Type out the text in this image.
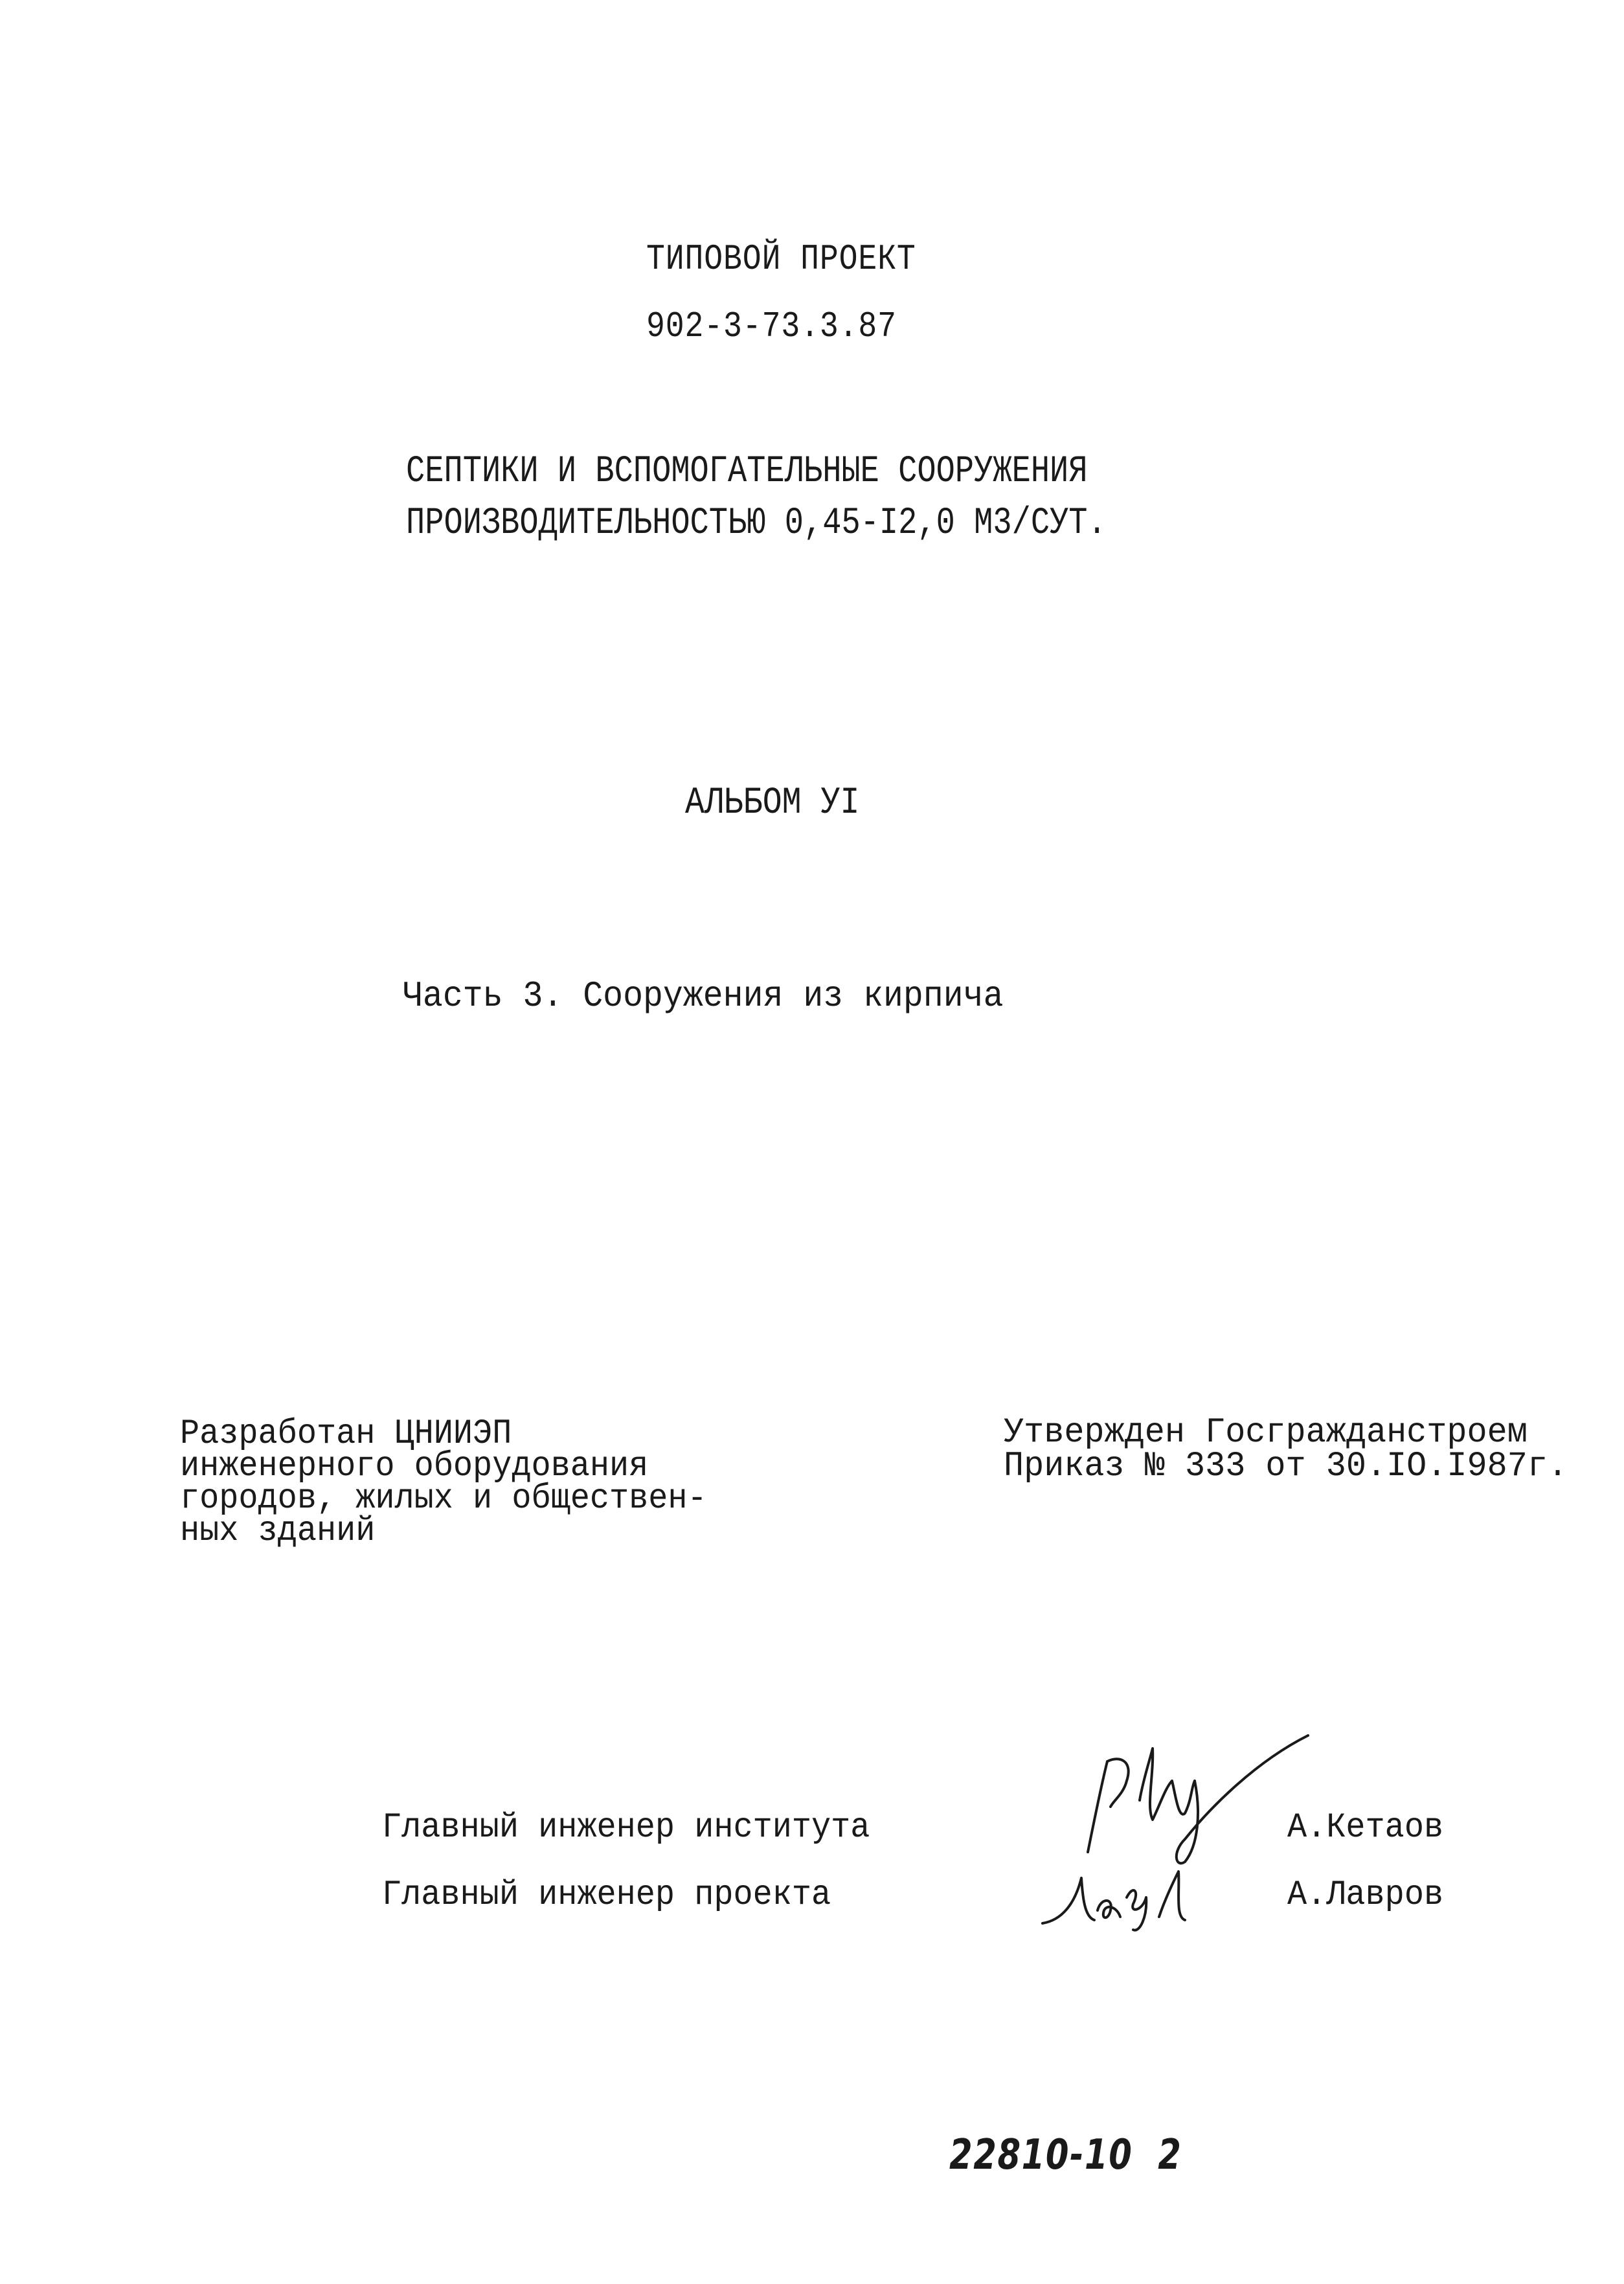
ТИПОВОЙ ПРОЕКТ
902-3-73.3.87
СЕПТИКИ И ВСПОМОГАТЕЛЬНЫЕ СООРУЖЕНИЯ
ПРОИЗВОДИТЕЛЬНОСТЬЮ 0,45-I2,0 М3/СУТ.
АЛЬБОМ УI
Часть 3. Сооружения из кирпича
Разработан ЦНИИЭП
инженерного оборудования
городов, жилых и обществен-
ных зданий
Утвержден Госгражданстроем
Приказ № 333 от 30.IO.I987г.
Главный инженер института	А.Кетаов
Главный инженер проекта	А.Лавров
22810-10  2
